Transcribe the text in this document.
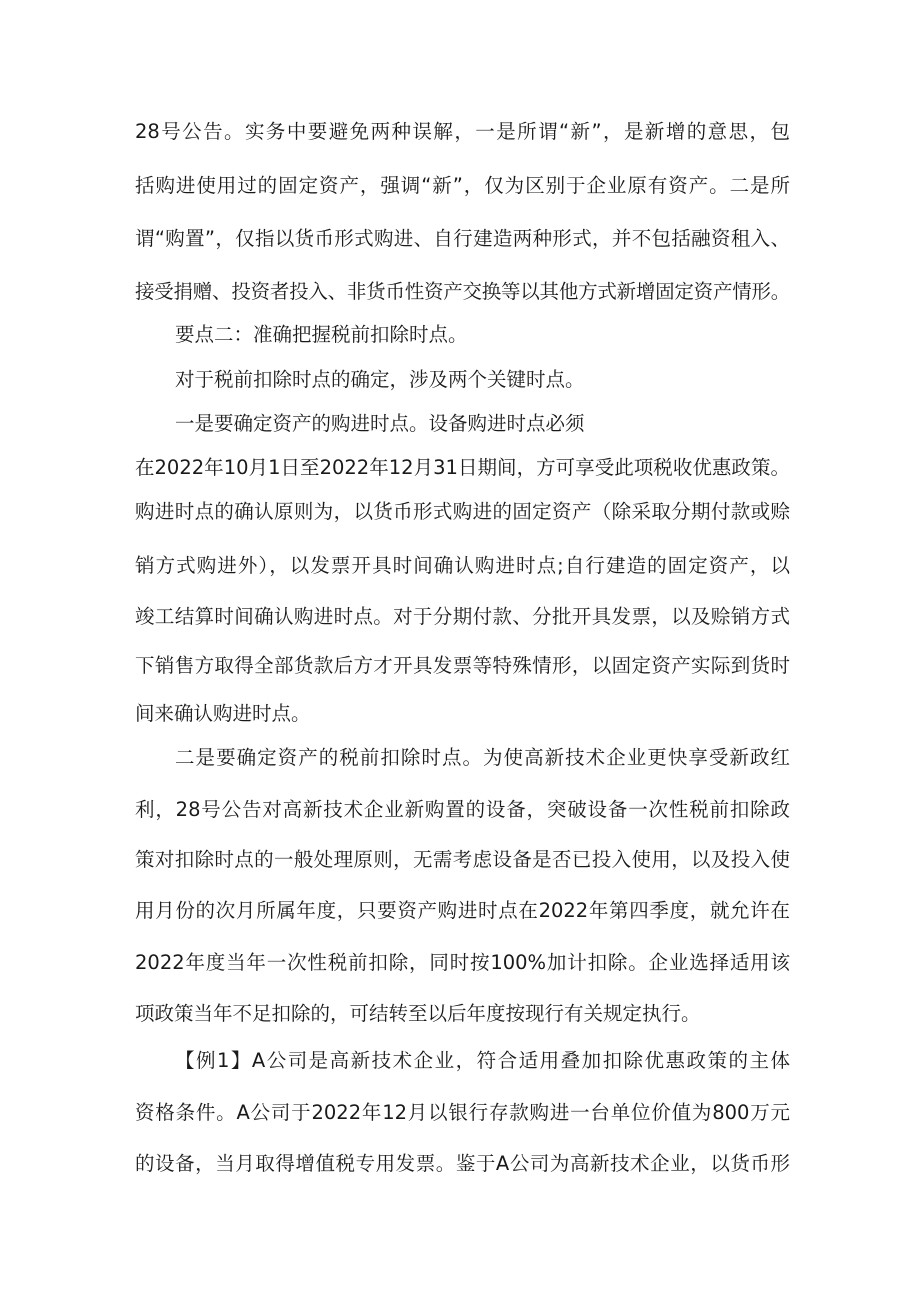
28号公告。实务中要避免两种误解，一是所谓“新”，是新增的意思，包
括购进使用过的固定资产，强调“新”，仅为区别于企业原有资产。二是所
谓“购置”，仅指以货币形式购进、自行建造两种形式，并不包括融资租入、
接受捐赠、投资者投入、非货币性资产交换等以其他方式新增固定资产情形。
要点二：准确把握税前扣除时点。
对于税前扣除时点的确定，涉及两个关键时点。
一是要确定资产的购进时点。设备购进时点必须
在2022年10月1日至2022年12月31日期间，方可享受此项税收优惠政策。
购进时点的确认原则为，以货币形式购进的固定资产（除采取分期付款或赊
销方式购进外），以发票开具时间确认购进时点;自行建造的固定资产，以
竣工结算时间确认购进时点。对于分期付款、分批开具发票，以及赊销方式
下销售方取得全部货款后方才开具发票等特殊情形，以固定资产实际到货时
间来确认购进时点。
二是要确定资产的税前扣除时点。为使高新技术企业更快享受新政红
利，28号公告对高新技术企业新购置的设备，突破设备一次性税前扣除政
策对扣除时点的一般处理原则，无需考虑设备是否已投入使用，以及投入使
用月份的次月所属年度，只要资产购进时点在2022年第四季度，就允许在
2022年度当年一次性税前扣除，同时按100%加计扣除。企业选择适用该
项政策当年不足扣除的，可结转至以后年度按现行有关规定执行。
【例1】A公司是高新技术企业，符合适用叠加扣除优惠政策的主体
资格条件。A公司于2022年12月以银行存款购进一台单位价值为800万元
的设备，当月取得增值税专用发票。鉴于A公司为高新技术企业，以货币形
